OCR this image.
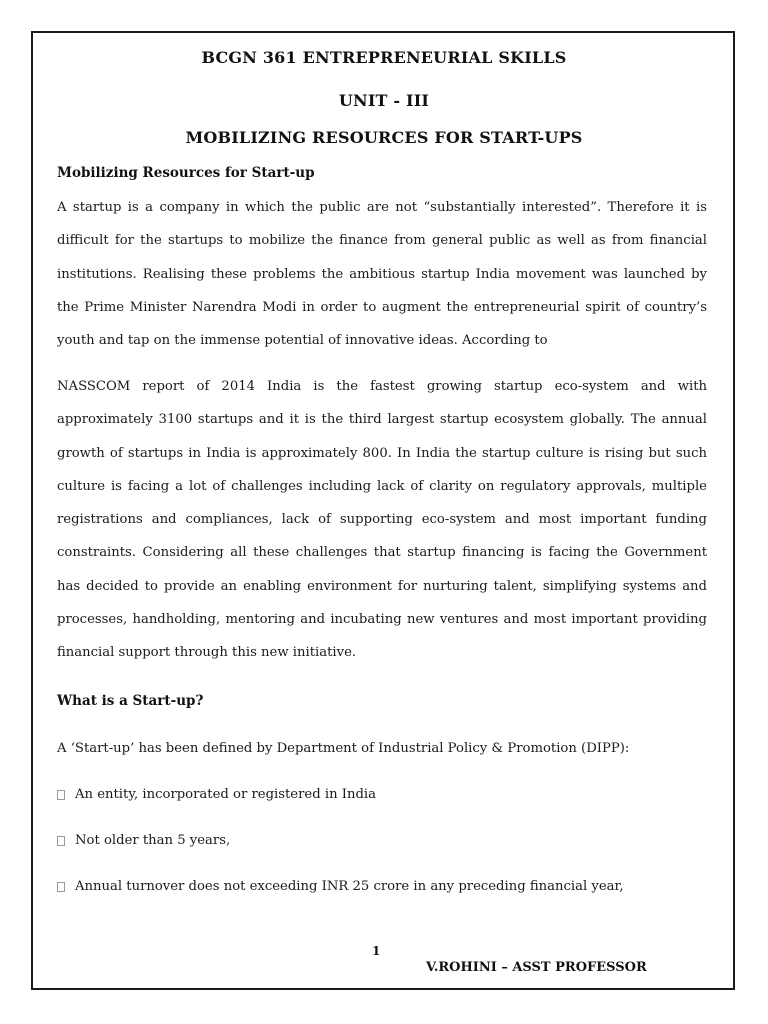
BCGN 361 ENTREPRENEURIAL SKILLS
UNIT - III
MOBILIZING RESOURCES FOR START-UPS
Mobilizing Resources for Start-up

A startup is a company in which the public are not “substantially interested”. Therefore it is difficult for the startups to mobilize the finance from general public as well as from financial institutions. Realising these problems the ambitious startup India movement was launched by the Prime Minister Narendra Modi in order to augment the entrepreneurial spirit of country’s youth and tap on the immense potential of innovative ideas. According to

NASSCOM report of 2014 India is the fastest growing startup eco-system and with approximately 3100 startups and it is the third largest startup ecosystem globally. The annual growth of startups in India is approximately 800. In India the startup culture is rising but such culture is facing a lot of challenges including lack of clarity on regulatory approvals, multiple registrations and compliances, lack of supporting eco-system and most important funding constraints. Considering all these challenges that startup financing is facing the Government has decided to provide an enabling environment for nurturing talent, simplifying systems and processes, handholding, mentoring and incubating new ventures and most important providing financial support through this new initiative.

What is a Start-up?
A ‘Start-up’ has been defined by Department of Industrial Policy & Promotion (DIPP):
An entity, incorporated or registered in India
Not older than 5 years,
Annual turnover does not exceeding INR 25 crore in any preceding financial year,
1
V.ROHINI – ASST PROFESSOR
